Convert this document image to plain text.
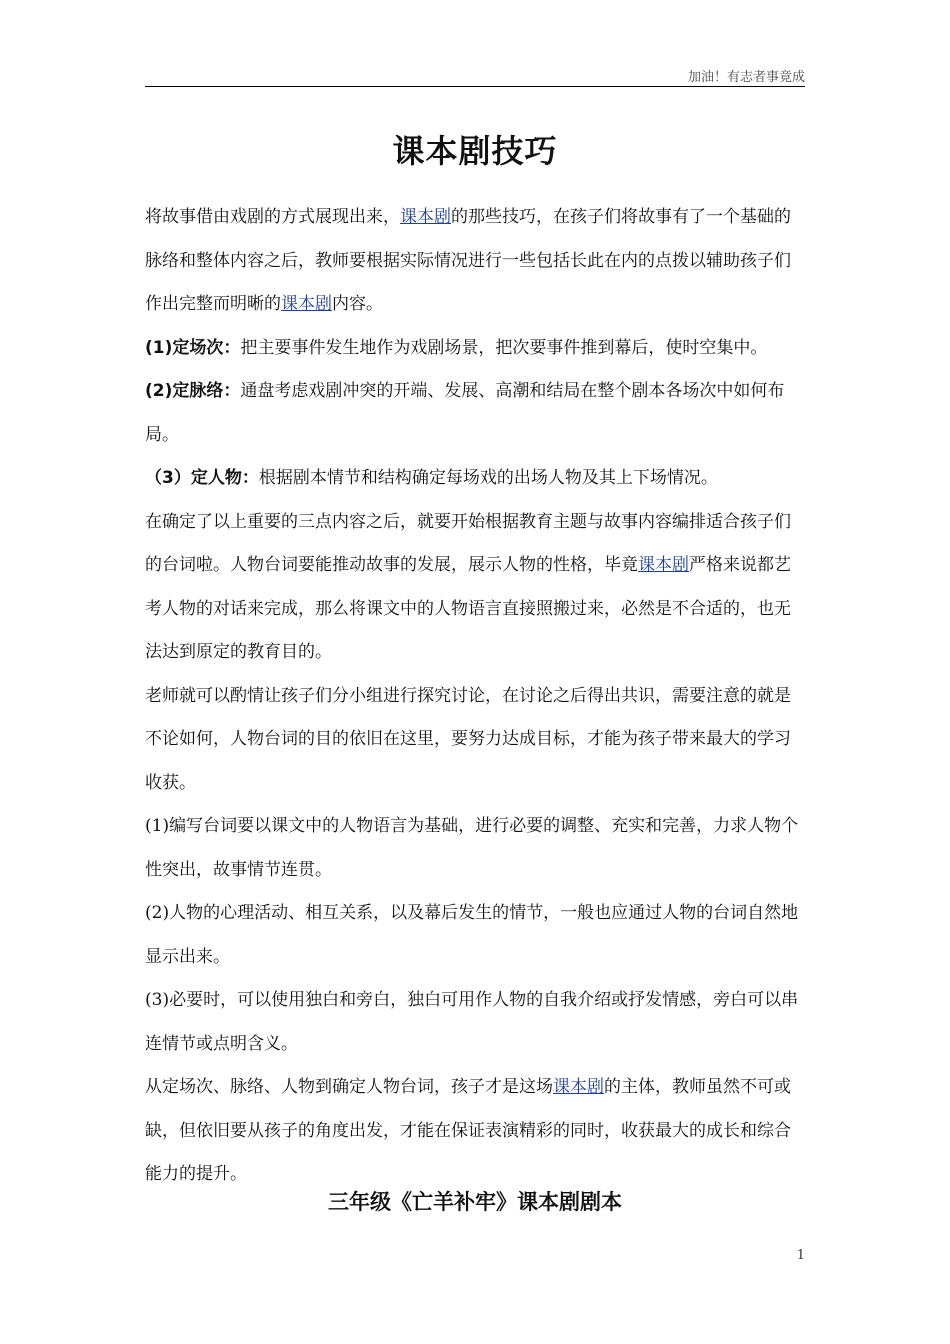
加油！有志者事竟成
课本剧技巧

将故事借由戏剧的方式展现出来，课本剧的那些技巧，在孩子们将故事有了一个基础的脉络和整体内容之后，教师要根据实际情况进行一些包括长此在内的点拨以辅助孩子们作出完整而明晰的课本剧内容。

(1)定场次：把主要事件发生地作为戏剧场景，把次要事件推到幕后，使时空集中。

(2)定脉络：通盘考虑戏剧冲突的开端、发展、高潮和结局在整个剧本各场次中如何布局。

（3）定人物：根据剧本情节和结构确定每场戏的出场人物及其上下场情况。

在确定了以上重要的三点内容之后，就要开始根据教育主题与故事内容编排适合孩子们的台词啦。人物台词要能推动故事的发展，展示人物的性格，毕竟课本剧严格来说都艺考人物的对话来完成，那么将课文中的人物语言直接照搬过来，必然是不合适的，也无法达到原定的教育目的。

老师就可以酌情让孩子们分小组进行探究讨论，在讨论之后得出共识，需要注意的就是不论如何，人物台词的目的依旧在这里，要努力达成目标，才能为孩子带来最大的学习收获。

(1)编写台词要以课文中的人物语言为基础，进行必要的调整、充实和完善，力求人物个性突出，故事情节连贯。

(2)人物的心理活动、相互关系，以及幕后发生的情节，一般也应通过人物的台词自然地显示出来。

(3)必要时，可以使用独白和旁白，独白可用作人物的自我介绍或抒发情感，旁白可以串连情节或点明含义。

从定场次、脉络、人物到确定人物台词，孩子才是这场课本剧的主体，教师虽然不可或缺，但依旧要从孩子的角度出发，才能在保证表演精彩的同时，收获最大的成长和综合能力的提升。

三年级《亡羊补牢》课本剧剧本
1
